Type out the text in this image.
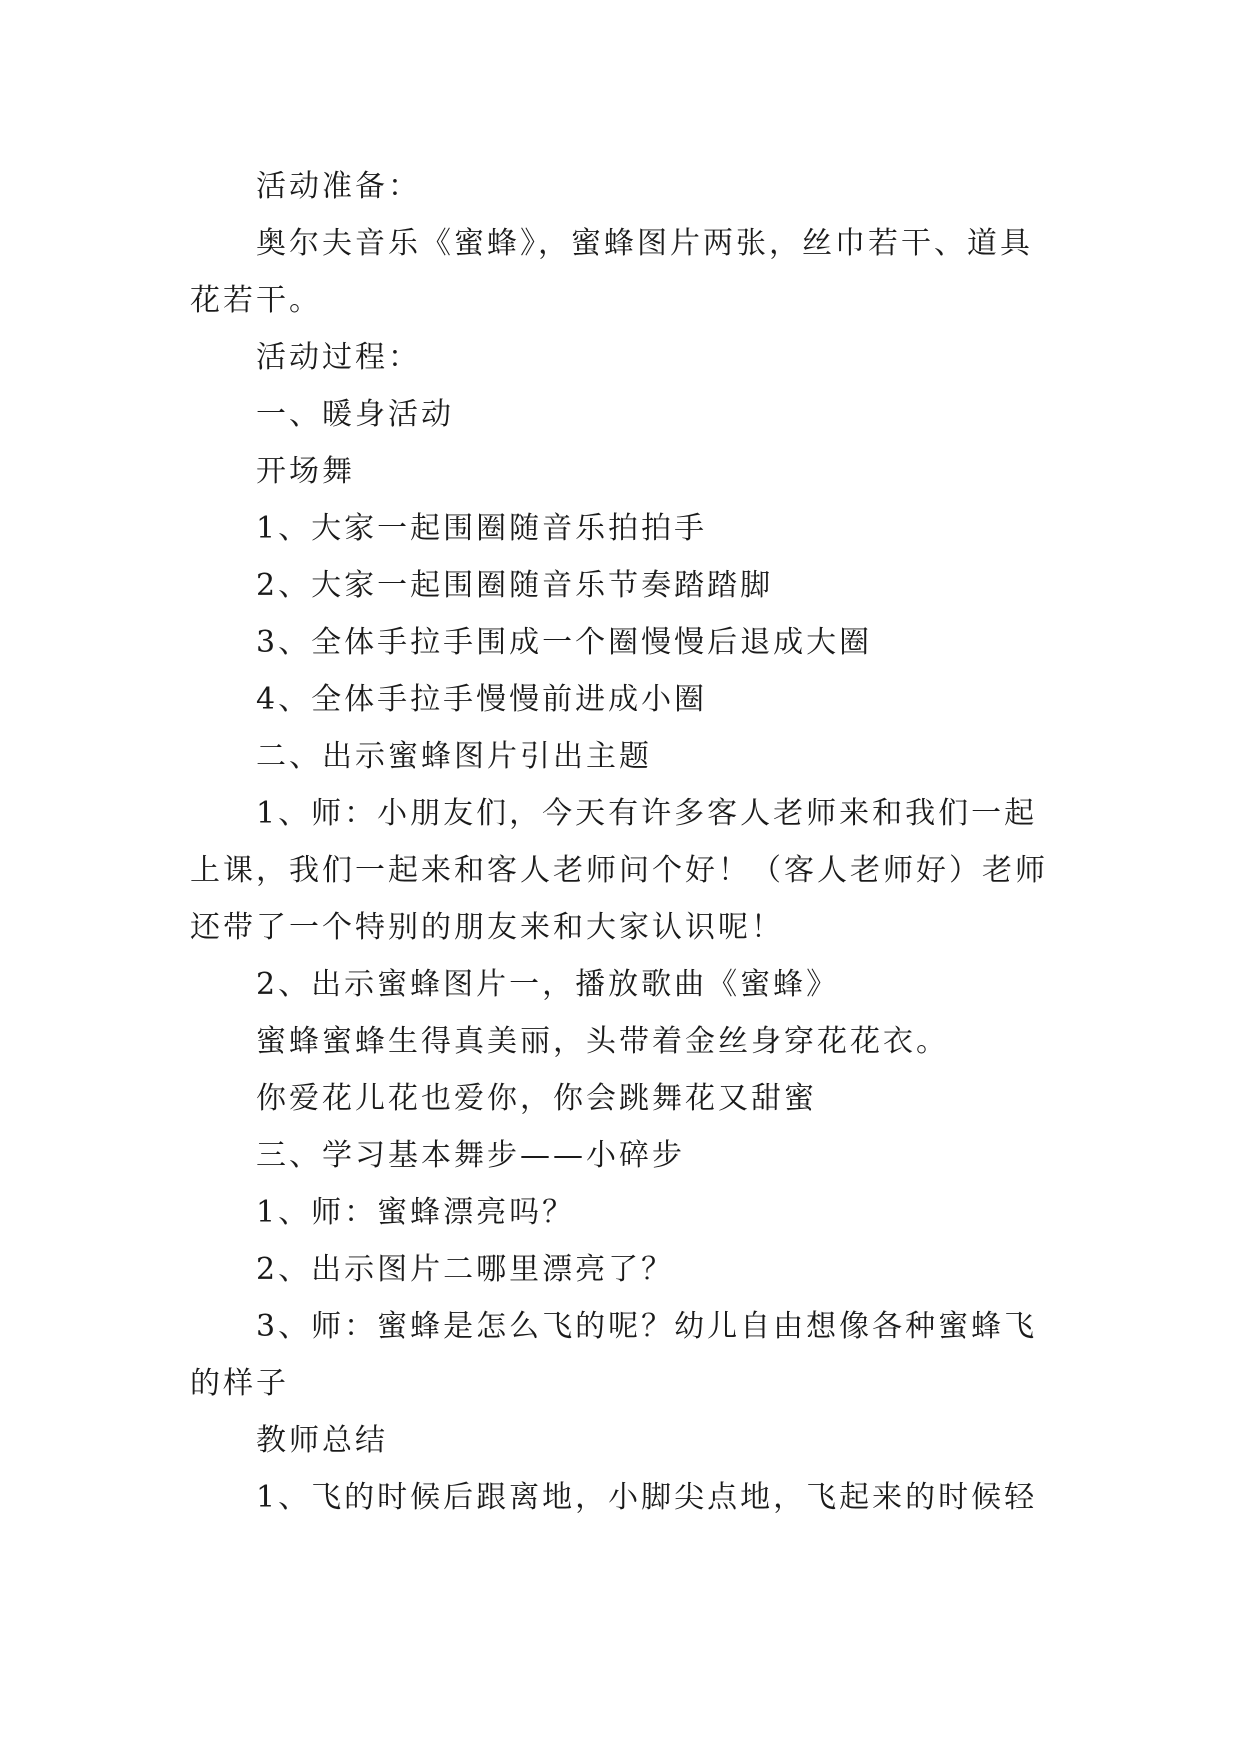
活动准备：

奥尔夫音乐《蜜蜂》，蜜蜂图片两张，丝巾若干、道具花若干。

活动过程：

一、暖身活动

开场舞

1、大家一起围圈随音乐拍拍手

2、大家一起围圈随音乐节奏踏踏脚

3、全体手拉手围成一个圈慢慢后退成大圈

4、全体手拉手慢慢前进成小圈

二、出示蜜蜂图片引出主题

1、师：小朋友们，今天有许多客人老师来和我们一起上课，我们一起来和客人老师问个好！（客人老师好）老师还带了一个特别的朋友来和大家认识呢！

2、出示蜜蜂图片一，播放歌曲《蜜蜂》

蜜蜂蜜蜂生得真美丽，头带着金丝身穿花花衣。

你爱花儿花也爱你，你会跳舞花又甜蜜

三、学习基本舞步——小碎步

1、师：蜜蜂漂亮吗？

2、出示图片二哪里漂亮了？

3、师：蜜蜂是怎么飞的呢？幼儿自由想像各种蜜蜂飞的样子

教师总结

1、飞的时候后跟离地，小脚尖点地，飞起来的时候轻
